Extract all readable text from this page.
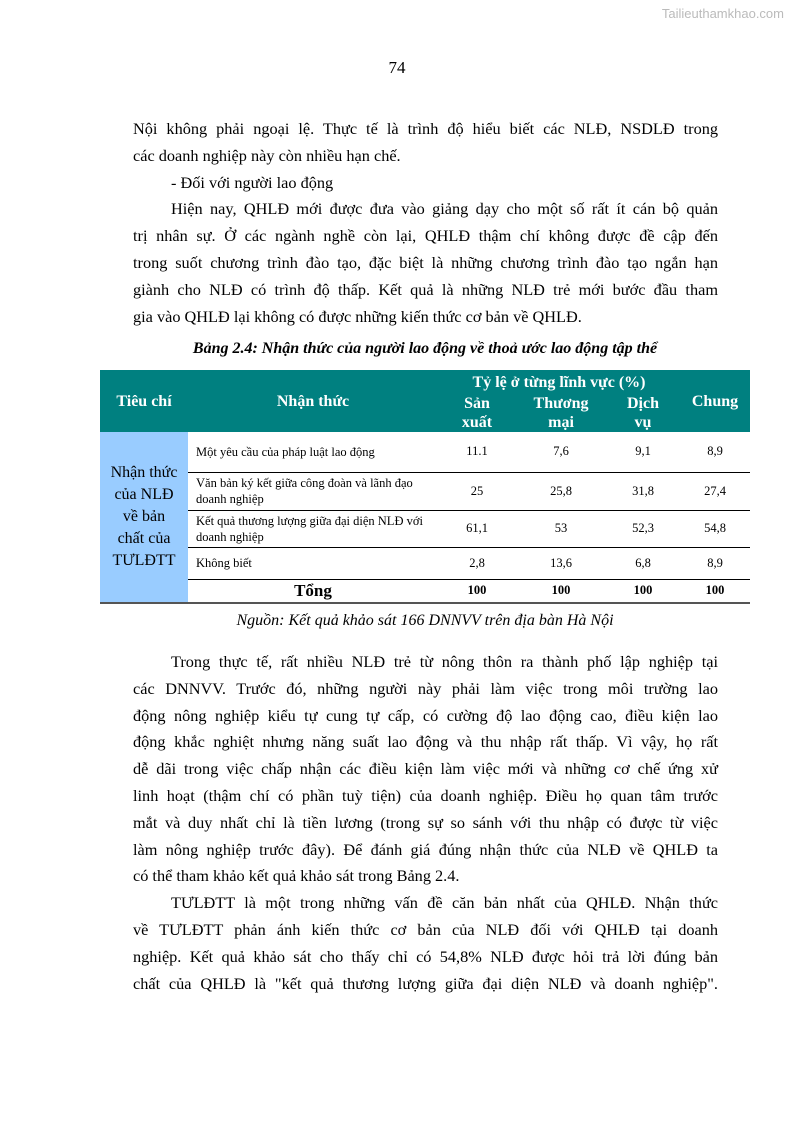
Tailieuthamkhao.com
74
Nội không phải ngoại lệ. Thực tế là trình độ hiểu biết các NLĐ, NSDLĐ trong
các doanh nghiệp này còn nhiều hạn chế.
- Đối với người lao động
Hiện nay, QHLĐ mới được đưa vào giảng dạy cho một số rất ít cán bộ quản
trị nhân sự. Ở các ngành nghề còn lại, QHLĐ thậm chí không được đề cập đến
trong suốt chương trình đào tạo, đặc biệt là những chương trình đào tạo ngắn hạn
giành cho NLĐ có trình độ thấp. Kết quả là những NLĐ trẻ mới bước đầu tham
gia vào QHLĐ lại không có được những kiến thức cơ bản về QHLĐ.
Bảng 2.4: Nhận thức của người lao động về thoả ước lao động tập thể
Tiêu chí	Nhận thức	Tỷ lệ ở từng lĩnh vực (%)			Chung

		Sản xuất	Thương mại	Dịch vụ	

Nhận thức của NLĐ về bản chất của TƯLĐTT	Một yêu cầu của pháp luật lao động	11.1	7,6	9,1	8,9
	Văn bản ký kết giữa công đoàn và lãnh đạo doanh nghiệp	25	25,8	31,8	27,4
	Kết quả thương lượng giữa đại diện NLĐ với doanh nghiệp	61,1	53	52,3	54,8
	Không biết	2,8	13,6	6,8	8,9
	Tổng	100	100	100	100
Nguồn: Kết quả khảo sát 166 DNNVV trên địa bàn Hà Nội
Trong thực tế, rất nhiều NLĐ trẻ từ nông thôn ra thành phố lập nghiệp tại
các DNNVV. Trước đó, những người này phải làm việc trong môi trường lao
động nông nghiệp kiểu tự cung tự cấp, có cường độ lao động cao, điều kiện lao
động khắc nghiệt nhưng năng suất lao động và thu nhập rất thấp. Vì vậy, họ rất
dễ dãi trong việc chấp nhận các điều kiện làm việc mới và những cơ chế ứng xử
linh hoạt (thậm chí có phần tuỳ tiện) của doanh nghiệp. Điều họ quan tâm trước
mắt và duy nhất chỉ là tiền lương (trong sự so sánh với thu nhập có được từ việc
làm nông nghiệp trước đây). Để đánh giá đúng nhận thức của NLĐ về QHLĐ ta
có thể tham khảo kết quả khảo sát trong Bảng 2.4.
TƯLĐTT là một trong những vấn đề căn bản nhất của QHLĐ. Nhận thức
về TƯLĐTT phản ánh kiến thức cơ bản của NLĐ đối với QHLĐ tại doanh
nghiệp. Kết quả khảo sát cho thấy chỉ có 54,8% NLĐ được hỏi trả lời đúng bản
chất của QHLĐ là "kết quả thương lượng giữa đại diện NLĐ và doanh nghiệp".
